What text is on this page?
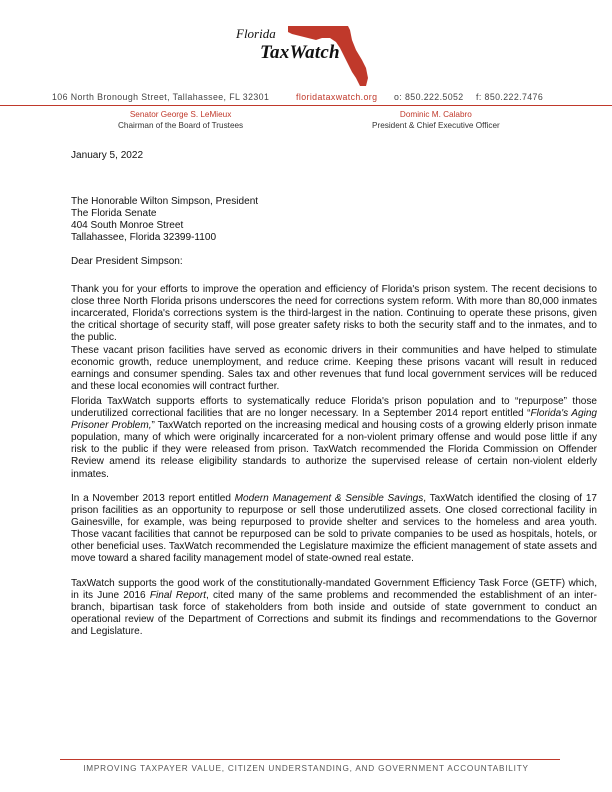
Florida
TaxWatch
106 North Bronough Street, Tallahassee, FL 32301	floridataxwatch.org o: 850.222.5052 f: 850.222.7476
Senator George S. LeMieux
Chairman of the Board of Trustees
Dominic M. Calabro
President & Chief Executive Officer
January 5, 2022
The Honorable Wilton Simpson, President
The Florida Senate
404 South Monroe Street
Tallahassee, Florida 32399-1100
Dear President Simpson:
Thank you for your efforts to improve the operation and efficiency of Florida's prison system. The recent decisions to close three North Florida prisons underscores the need for corrections system reform. With more than 80,000 inmates incarcerated, Florida's corrections system is the third-largest in the nation. Continuing to operate these prisons, given the critical shortage of security staff, will pose greater safety risks to both the security staff and to the inmates, and to the public.
These vacant prison facilities have served as economic drivers in their communities and have helped to stimulate economic growth, reduce unemployment, and reduce crime. Keeping these prisons vacant will result in reduced earnings and consumer spending. Sales tax and other revenues that fund local government services will be reduced and these local economies will contract further.
Florida TaxWatch supports efforts to systematically reduce Florida's prison population and to “repurpose” those underutilized correctional facilities that are no longer necessary. In a September 2014 report entitled “Florida's Aging Prisoner Problem,” TaxWatch reported on the increasing medical and housing costs of a growing elderly prison inmate population, many of which were originally incarcerated for a non-violent primary offense and would pose little if any risk to the public if they were released from prison. TaxWatch recommended the Florida Commission on Offender Review amend its release eligibility standards to authorize the supervised release of certain non-violent elderly inmates.
In a November 2013 report entitled Modern Management & Sensible Savings, TaxWatch identified the closing of 17 prison facilities as an opportunity to repurpose or sell those underutilized assets. One closed correctional facility in Gainesville, for example, was being repurposed to provide shelter and services to the homeless and area youth. Those vacant facilities that cannot be repurposed can be sold to private companies to be used as hospitals, hotels, or other beneficial uses. TaxWatch recommended the Legislature maximize the efficient management of state assets and move toward a shared facility management model of state-owned real estate.
TaxWatch supports the good work of the constitutionally-mandated Government Efficiency Task Force (GETF) which, in its June 2016 Final Report, cited many of the same problems and recommended the establishment of an inter-branch, bipartisan task force of stakeholders from both inside and outside of state government to conduct an operational review of the Department of Corrections and submit its findings and recommendations to the Governor and Legislature.
IMPROVING TAXPAYER VALUE, CITIZEN UNDERSTANDING, AND GOVERNMENT ACCOUNTABILITY
